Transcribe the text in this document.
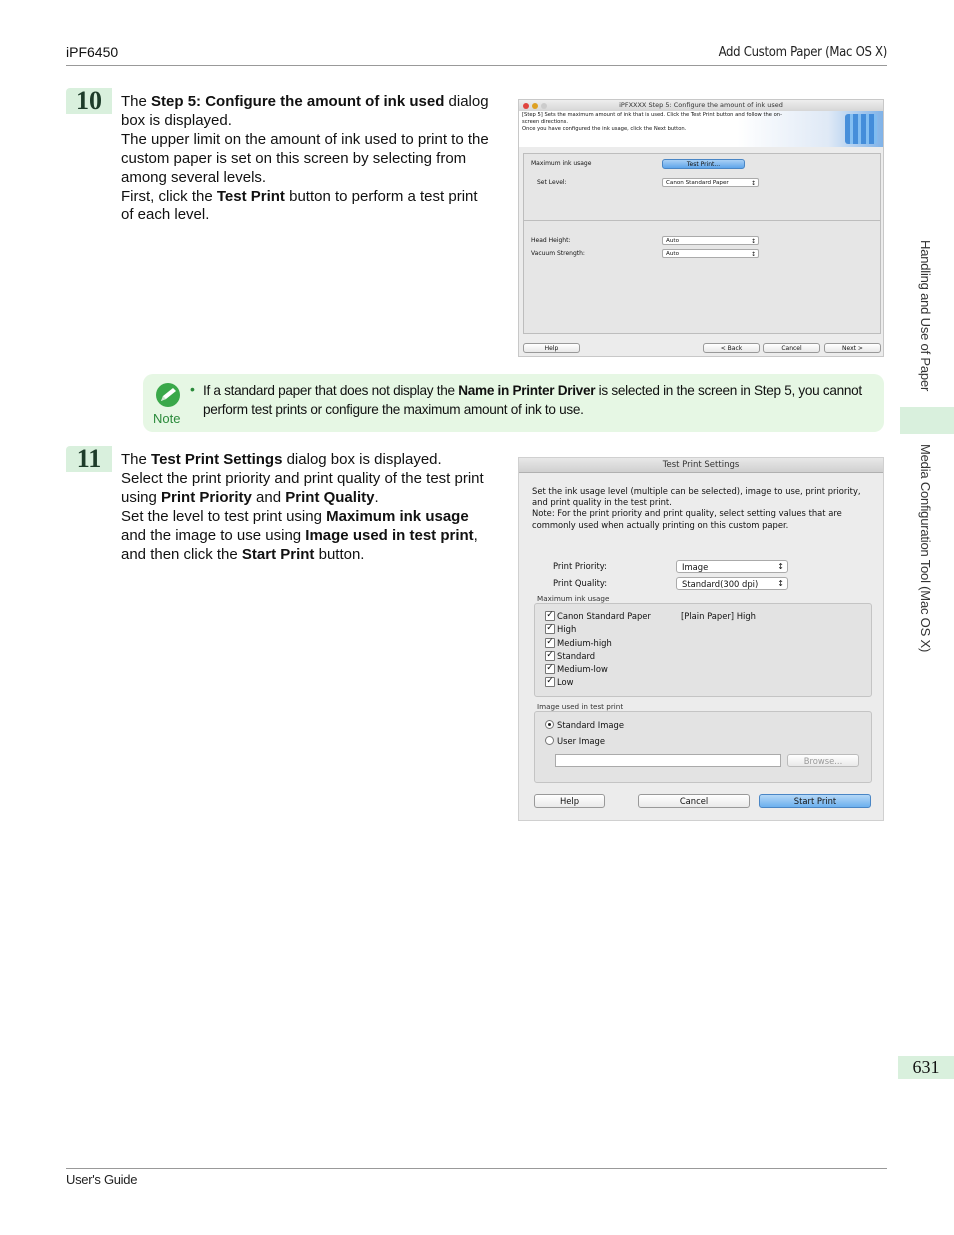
iPF6450	Add Custom Paper (Mac OS X)
User's Guide
Handling and Use of Paper
Media Configuration Tool (Mac OS X)
631
10	The Step 5: Configure the amount of ink used dialog
box is displayed.
The upper limit on the amount of ink used to print to the
custom paper is set on this screen by selecting from
among several levels.
First, click the Test Print button to perform a test print
of each level.
iPFXXXX Step 5: Configure the amount of ink used
[Step 5] Sets the maximum amount of ink that is used. Click the Test Print button and follow the on-
screen directions.
Once you have configured the ink usage, click the Next button.
Maximum ink usage	Test Print...
Set Level:	Canon Standard Paper ↕
Head Height:	Auto ↕
Vacuum Strength:	Auto ↕
Help	< Back	Cancel	Next >
Note
• If a standard paper that does not display the Name in Printer Driver is selected in the screen in Step 5, you cannot perform test prints or configure the maximum amount of ink to use.
11	The Test Print Settings dialog box is displayed.
Select the print priority and print quality of the test print
using Print Priority and Print Quality.
Set the level to test print using Maximum ink usage
and the image to use using Image used in test print,
and then click the Start Print button.
Test Print Settings
Set the ink usage level (multiple can be selected), image to use, print priority,
and print quality in the test print.
Note: For the print priority and print quality, select setting values that are
commonly used when actually printing on this custom paper.
Print Priority:	Image ↕
Print Quality:	Standard(300 dpi) ↕
Maximum ink usage
✓ Canon Standard Paper	[Plain Paper] High
✓ High
✓ Medium-high
✓ Standard
✓ Medium-low
✓ Low
Image used in test print
Standard Image
User Image
Browse...
Help	Cancel	Start Print
